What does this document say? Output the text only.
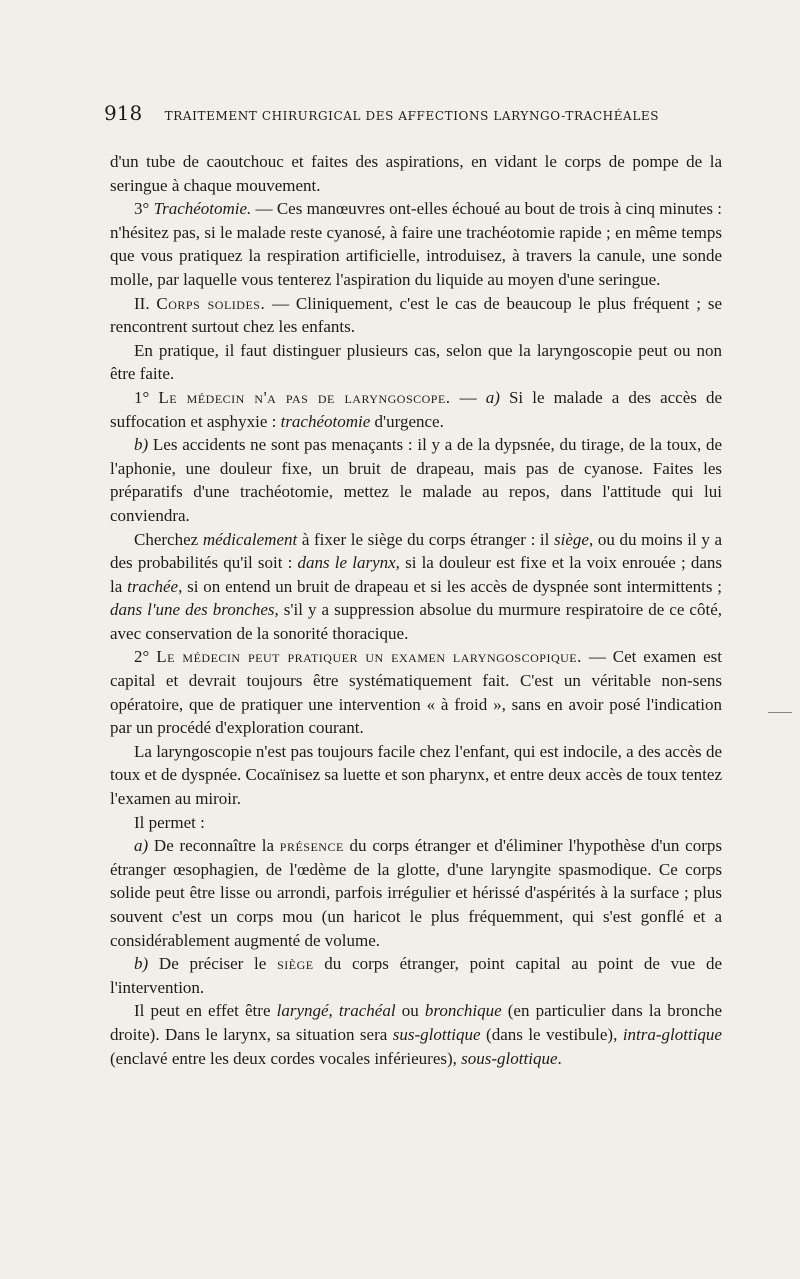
918 TRAITEMENT CHIRURGICAL DES AFFECTIONS LARYNGO-TRACHÉALES

d'un tube de caoutchouc et faites des aspirations, en vidant le corps de pompe de la seringue à chaque mouvement.

3° Trachéotomie. — Ces manœuvres ont-elles échoué au bout de trois à cinq minutes : n'hésitez pas, si le malade reste cyanosé, à faire une trachéotomie rapide ; en même temps que vous pratiquez la respiration artificielle, introduisez, à travers la canule, une sonde molle, par laquelle vous tenterez l'aspiration du liquide au moyen d'une seringue.

II. Corps solides. — Cliniquement, c'est le cas de beaucoup le plus fréquent ; se rencontrent surtout chez les enfants.

En pratique, il faut distinguer plusieurs cas, selon que la laryngoscopie peut ou non être faite.

1° Le médecin n'a pas de laryngoscope. — a) Si le malade a des accès de suffocation et asphyxie : trachéotomie d'urgence.

b) Les accidents ne sont pas menaçants : il y a de la dypsnée, du tirage, de la toux, de l'aphonie, une douleur fixe, un bruit de drapeau, mais pas de cyanose. Faites les préparatifs d'une trachéotomie, mettez le malade au repos, dans l'attitude qui lui conviendra.

Cherchez médicalement à fixer le siège du corps étranger : il siège, ou du moins il y a des probabilités qu'il soit : dans le larynx, si la douleur est fixe et la voix enrouée ; dans la trachée, si on entend un bruit de drapeau et si les accès de dyspnée sont intermittents ; dans l'une des bronches, s'il y a suppression absolue du murmure respiratoire de ce côté, avec conservation de la sonorité thoracique.

2° Le médecin peut pratiquer un examen laryngoscopique. — Cet examen est capital et devrait toujours être systématiquement fait. C'est un véritable non-sens opératoire, que de pratiquer une intervention « à froid », sans en avoir posé l'indication par un procédé d'exploration courant.

La laryngoscopie n'est pas toujours facile chez l'enfant, qui est indocile, a des accès de toux et de dyspnée. Cocaïnisez sa luette et son pharynx, et entre deux accès de toux tentez l'examen au miroir.

Il permet :

a) De reconnaître la présence du corps étranger et d'éliminer l'hypothèse d'un corps étranger œsophagien, de l'œdème de la glotte, d'une laryngite spasmodique. Ce corps solide peut être lisse ou arrondi, parfois irrégulier et hérissé d'aspérités à la surface ; plus souvent c'est un corps mou (un haricot le plus fréquemment, qui s'est gonflé et a considérablement augmenté de volume.

b) De préciser le siège du corps étranger, point capital au point de vue de l'intervention.

Il peut en effet être laryngé, trachéal ou bronchique (en particulier dans la bronche droite). Dans le larynx, sa situation sera sus-glottique (dans le vestibule), intra-glottique (enclavé entre les deux cordes vocales inférieures), sous-glottique.
